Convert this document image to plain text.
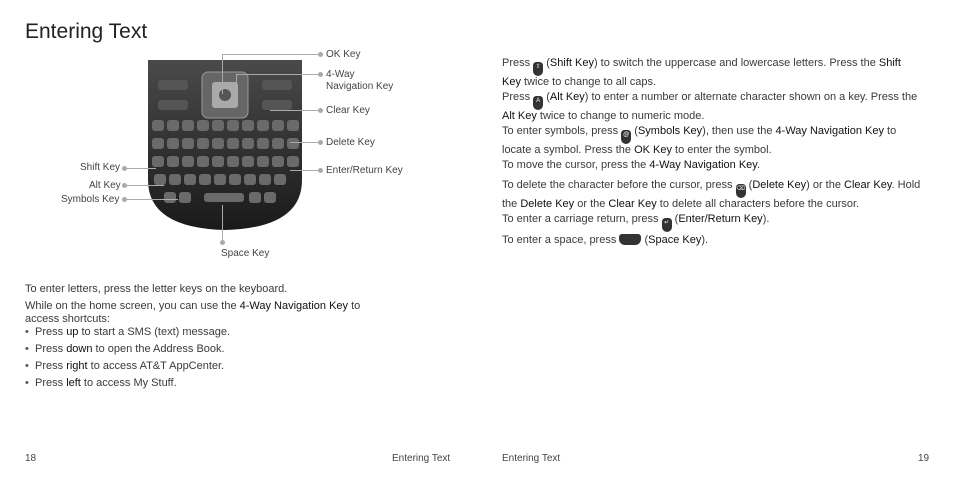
Entering Text
OK Key
4-Way
Navigation Key
Clear Key
Delete Key
Enter/Return Key
Shift Key
Alt Key
Symbols Key
Space Key

To enter letters, press the letter keys on the keyboard.

While on the home screen, you can use the 4-Way Navigation Key to access shortcuts:

• Press up to start a SMS (text) message.
• Press down to open the Address Book.
• Press right to access AT&T AppCenter.
• Press left to access My Stuff.
18	Entering Text

Press ⇧ (Shift Key) to switch the uppercase and lowercase letters. Press the Shift Key twice to change to all caps.

Press A (Alt Key) to enter a number or alternate character shown on a key. Press the Alt Key twice to change to numeric mode.

To enter symbols, press @ (Symbols Key), then use the 4-Way Navigation Key to locate a symbol. Press the OK Key to enter the symbol.

To move the cursor, press the 4-Way Navigation Key.

To delete the character before the cursor, press ⌫ (Delete Key) or the Clear Key. Hold the Delete Key or the Clear Key to delete all characters before the cursor.

To enter a carriage return, press ↵ (Enter/Return Key).

To enter a space, press  (Space Key).

Entering Text	19
